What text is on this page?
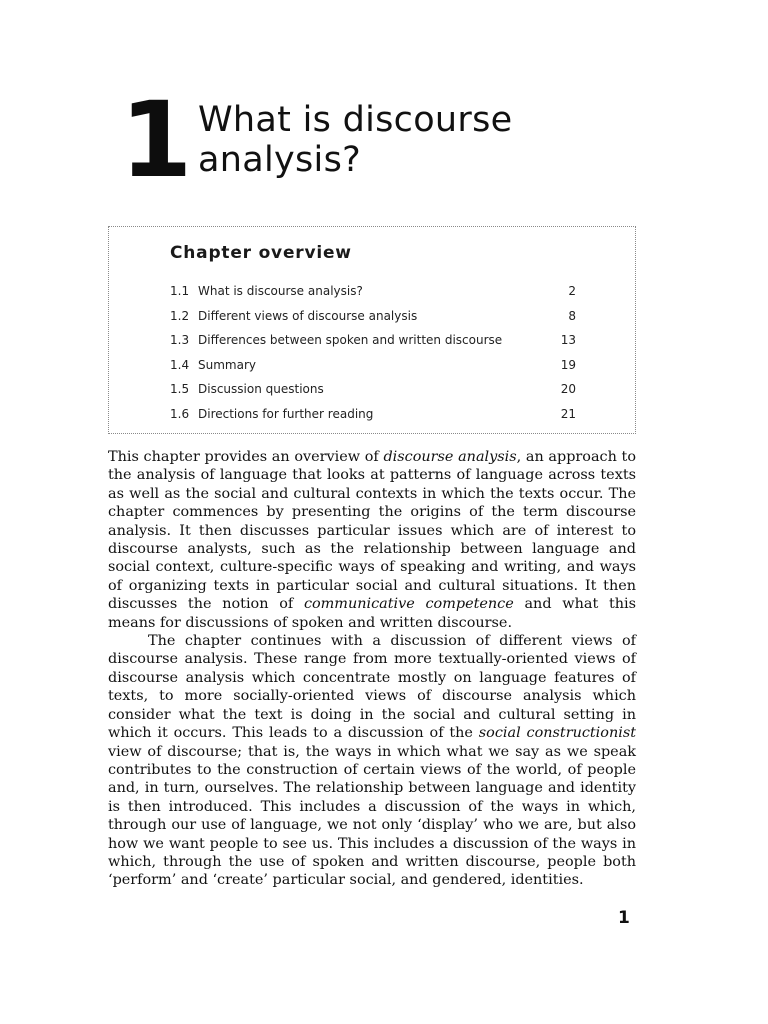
1 What is discourse
analysis?
Chapter overview
1.1 What is discourse analysis?	2
1.2 Different views of discourse analysis	8
1.3 Differences between spoken and written discourse	13
1.4 Summary	19
1.5 Discussion questions	20
1.6 Directions for further reading	21

This chapter provides an overview of discourse analysis, an approach to the analysis of language that looks at patterns of language across texts as well as the social and cultural contexts in which the texts occur. The chapter commences by presenting the origins of the term discourse analysis. It then discusses particular issues which are of interest to discourse analysts, such as the relationship between language and social context, culture-specific ways of speaking and writing, and ways of organizing texts in particular social and cultural situations. It then discusses the notion of communicative competence and what this means for discussions of spoken and written discourse.

The chapter continues with a discussion of different views of discourse analysis. These range from more textually-oriented views of discourse analysis which concentrate mostly on language features of texts, to more socially-oriented views of discourse analysis which consider what the text is doing in the social and cultural setting in which it occurs. This leads to a discussion of the social constructionist view of discourse; that is, the ways in which what we say as we speak contributes to the construction of certain views of the world, of people and, in turn, ourselves. The relationship between language and identity is then introduced. This includes a discussion of the ways in which, through our use of language, we not only ‘display’ who we are, but also how we want people to see us. This includes a discussion of the ways in which, through the use of spoken and written discourse, people both ‘perform’ and ‘create’ particular social, and gendered, identities.

1
